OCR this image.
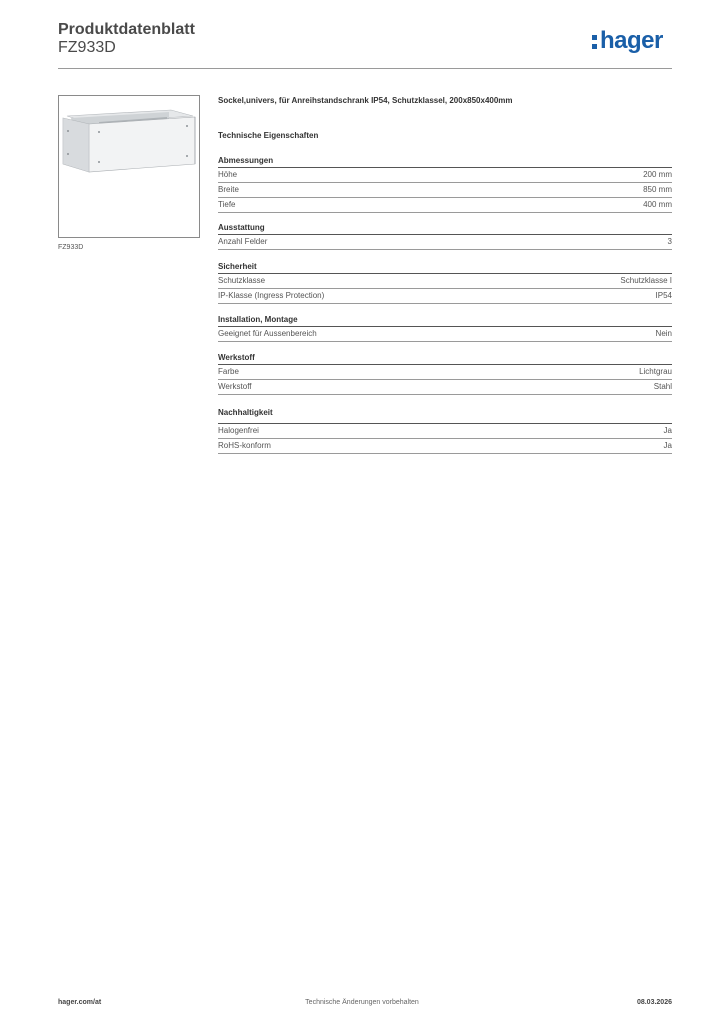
Produktdatenblatt
FZ933D	hager
FZ933D
Sockel,univers, für Anreihstandschrank IP54, Schutzklassel, 200x850x400mm
Technische Eigenschaften
Abmessungen
Höhe	200 mm
Breite	850 mm
Tiefe	400 mm
Ausstattung
Anzahl Felder	3
Sicherheit
Schutzklasse	Schutzklasse I
IP-Klasse (Ingress Protection)	IP54
Installation, Montage
Geeignet für Aussenbereich	Nein
Werkstoff
Farbe	Lichtgrau
Werkstoff	Stahl
Nachhaltigkeit
Halogenfrei	Ja
RoHS-konform	Ja
hager.com/at	Technische Änderungen vorbehalten	08.03.2026
